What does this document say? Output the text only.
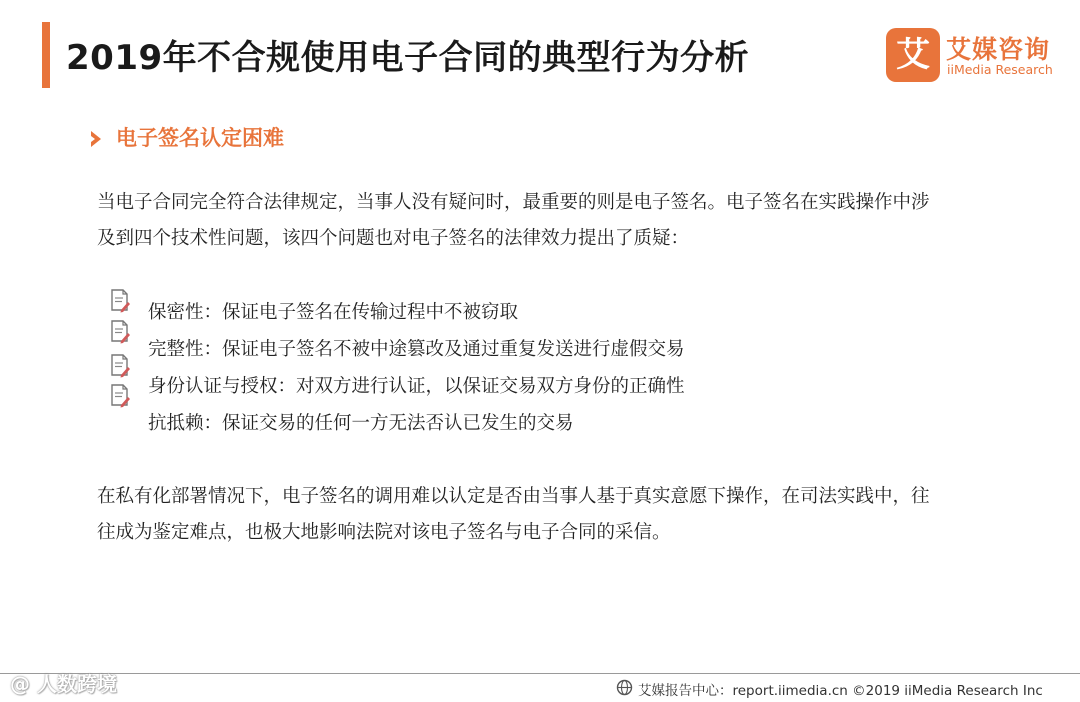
2019年不合规使用电子合同的典型行为分析	艾 艾媒咨询
iiMedia Research
电子签名认定困难
当电子合同完全符合法律规定，当事人没有疑问时，最重要的则是电子签名。电子签名在实践操作中涉
及到四个技术性问题，该四个问题也对电子签名的法律效力提出了质疑：
保密性：保证电子签名在传输过程中不被窃取
完整性：保证电子签名不被中途篡改及通过重复发送进行虚假交易
身份认证与授权：对双方进行认证，以保证交易双方身份的正确性
抗抵赖：保证交易的任何一方无法否认已发生的交易
在私有化部署情况下，电子签名的调用难以认定是否由当事人基于真实意愿下操作，在司法实践中，往
往成为鉴定难点，也极大地影响法院对该电子签名与电子合同的采信。
@ 人数跨境	艾媒报告中心：report.iimedia.cn ©2019 iiMedia Research Inc
